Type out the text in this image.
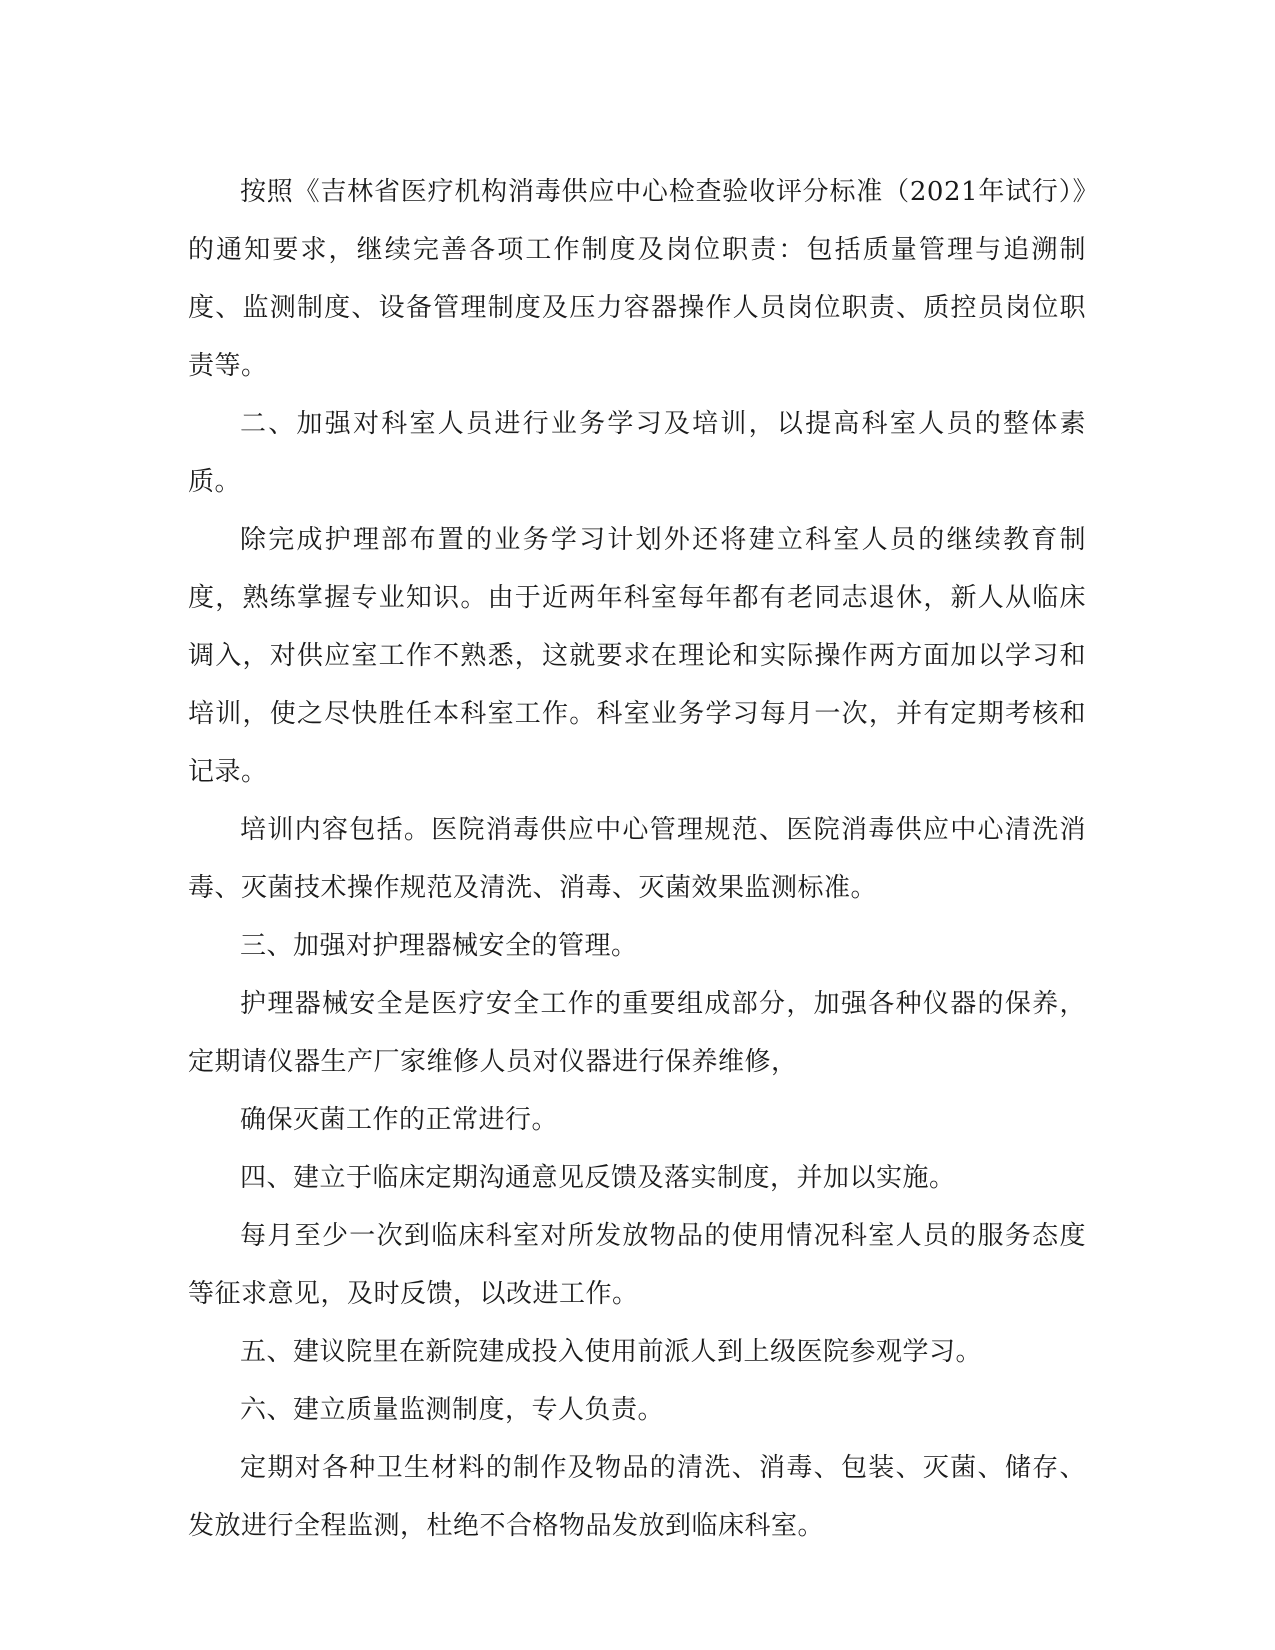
按照《吉林省医疗机构消毒供应中心检查验收评分标准（2021年试行）》的通知要求，继续完善各项工作制度及岗位职责：包括质量管理与追溯制度、监测制度、设备管理制度及压力容器操作人员岗位职责、质控员岗位职责等。

二、加强对科室人员进行业务学习及培训，以提高科室人员的整体素质。

除完成护理部布置的业务学习计划外还将建立科室人员的继续教育制度，熟练掌握专业知识。由于近两年科室每年都有老同志退休，新人从临床调入，对供应室工作不熟悉，这就要求在理论和实际操作两方面加以学习和培训，使之尽快胜任本科室工作。科室业务学习每月一次，并有定期考核和记录。

培训内容包括。医院消毒供应中心管理规范、医院消毒供应中心清洗消毒、灭菌技术操作规范及清洗、消毒、灭菌效果监测标准。

三、加强对护理器械安全的管理。

护理器械安全是医疗安全工作的重要组成部分，加强各种仪器的保养，定期请仪器生产厂家维修人员对仪器进行保养维修，

确保灭菌工作的正常进行。

四、建立于临床定期沟通意见反馈及落实制度，并加以实施。

每月至少一次到临床科室对所发放物品的使用情况科室人员的服务态度等征求意见，及时反馈，以改进工作。

五、建议院里在新院建成投入使用前派人到上级医院参观学习。

六、建立质量监测制度，专人负责。

定期对各种卫生材料的制作及物品的清洗、消毒、包装、灭菌、储存、发放进行全程监测，杜绝不合格物品发放到临床科室。
